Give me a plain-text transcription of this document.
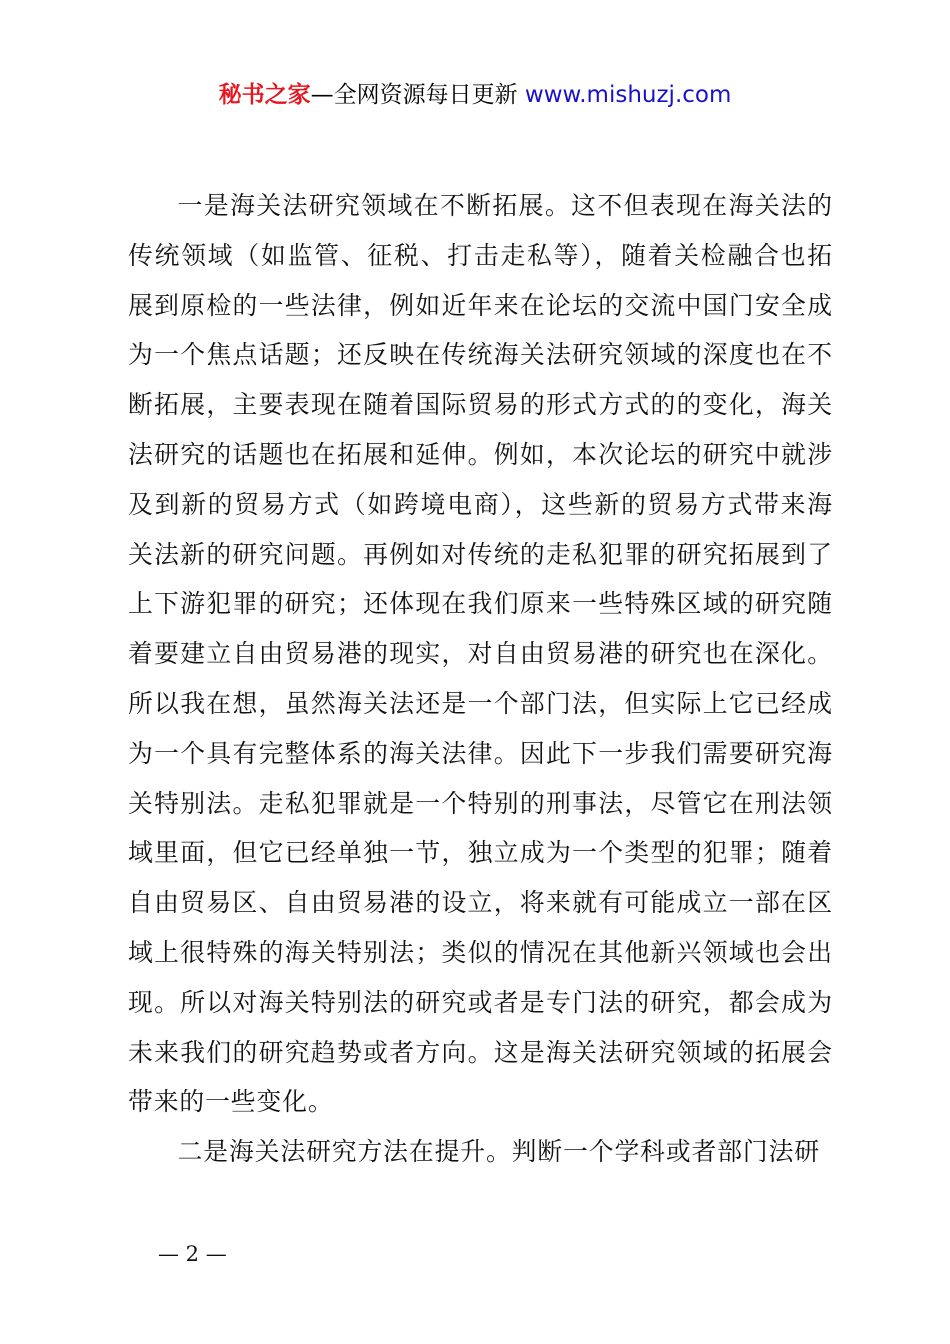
秘书之家—全网资源每日更新 www.mishuzj.com

一是海关法研究领域在不断拓展。这不但表现在海关法的传统领域（如监管、征税、打击走私等），随着关检融合也拓展到原检的一些法律，例如近年来在论坛的交流中国门安全成为一个焦点话题；还反映在传统海关法研究领域的深度也在不断拓展，主要表现在随着国际贸易的形式方式的的变化，海关法研究的话题也在拓展和延伸。例如，本次论坛的研究中就涉及到新的贸易方式（如跨境电商），这些新的贸易方式带来海关法新的研究问题。再例如对传统的走私犯罪的研究拓展到了上下游犯罪的研究；还体现在我们原来一些特殊区域的研究随着要建立自由贸易港的现实，对自由贸易港的研究也在深化。所以我在想，虽然海关法还是一个部门法，但实际上它已经成为一个具有完整体系的海关法律。因此下一步我们需要研究海关特别法。走私犯罪就是一个特别的刑事法，尽管它在刑法领域里面，但它已经单独一节，独立成为一个类型的犯罪；随着自由贸易区、自由贸易港的设立，将来就有可能成立一部在区域上很特殊的海关特别法；类似的情况在其他新兴领域也会出现。所以对海关特别法的研究或者是专门法的研究，都会成为未来我们的研究趋势或者方向。这是海关法研究领域的拓展会带来的一些变化。

二是海关法研究方法在提升。判断一个学科或者部门法研

— 2 —
